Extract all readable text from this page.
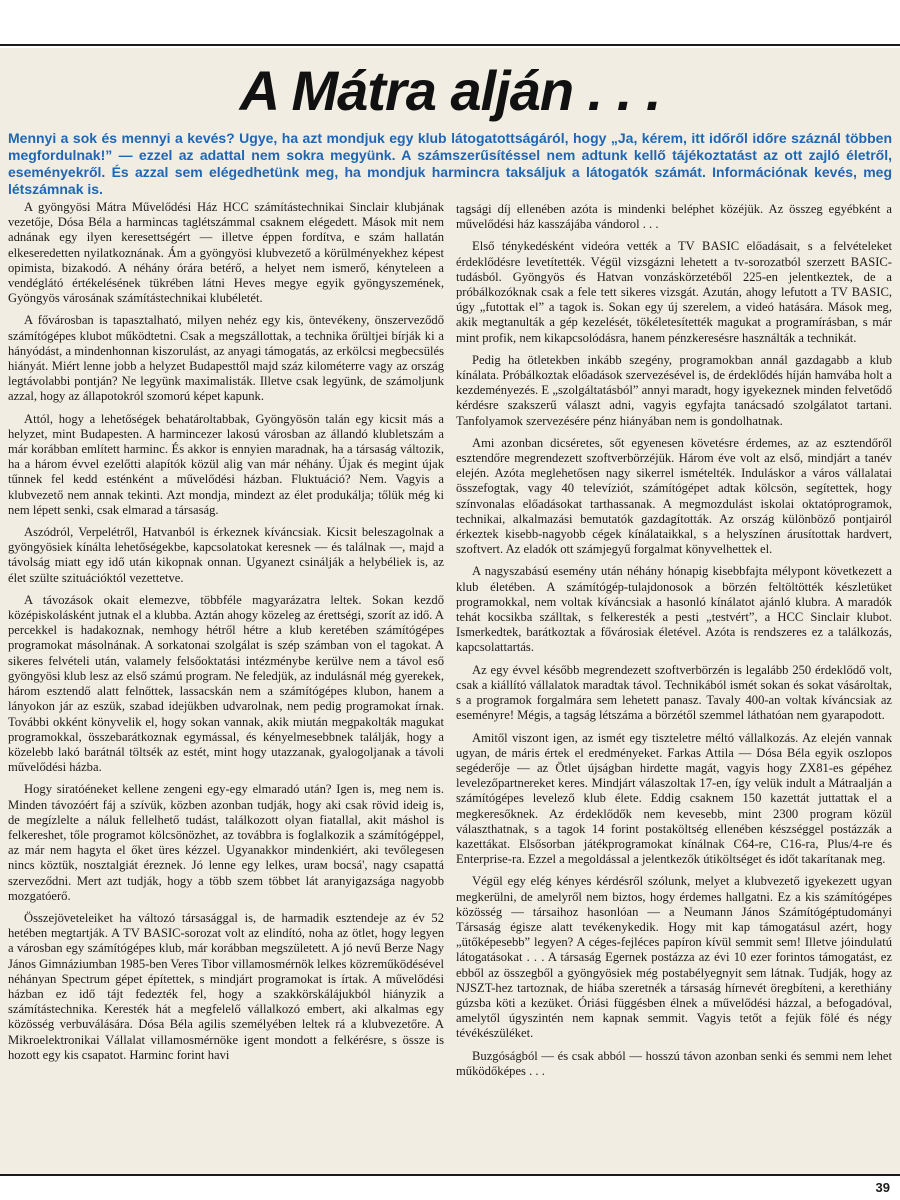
A Mátra alján . . .

Mennyi a sok és mennyi a kevés? Ugye, ha azt mondjuk egy klub látogatottságáról, hogy „Ja, kérem, itt időről időre száznál többen megfordulnak!” — ezzel az adattal nem sokra megyünk. A számszerűsítéssel nem adtunk kellő tájékoztatást az ott zajló életről, eseményekről. És azzal sem elégedhetünk meg, ha mondjuk harmincra taksáljuk a látogatók számát. Információnak kevés, meg létszámnak is.

A gyöngyösi Mátra Művelődési Ház HCC számítástechnikai Sinclair klubjának vezetője, Dósa Béla a harmincas taglétszámmal csaknem elégedett. Mások mit nem adnának egy ilyen keresettségért — illetve éppen fordítva, e szám hallatán elkeseredetten nyilatkoznának. Ám a gyöngyösi klubvezető a körülményekhez képest opimista, bizakodó. A néhány órára betérő, a helyet nem ismerő, kényteleen a vendéglátó értékelésének tükrében látni Heves megye egyik gyöngyszemének, Gyöngyös városának számítástechnikai klubéletét.

A fővárosban is tapasztalható, milyen nehéz egy kis, öntevékeny, önszerveződő számítógépes klubot működtetni. Csak a megszállottak, a technika őrültjei bírják ki a hányódást, a mindenhonnan kiszorulást, az anyagi támogatás, az erkölcsi megbecsülés hiányát. Miért lenne jobb a helyzet Budapesttől majd száz kilométerre vagy az ország legtávolabbi pontján? Ne legyünk maximalisták. Illetve csak legyünk, de számoljunk azzal, hogy az állapotokról szomorú képet kapunk.

Attól, hogy a lehetőségek behatároltabbak, Gyöngyösön talán egy kicsit más a helyzet, mint Budapesten. A harmincezer lakosú városban az állandó klubletszám a már korábban említett harminc. És akkor is ennyien maradnak, ha a társaság változik, ha a három évvel ezelőtti alapítók közül alig van már néhány. Újak és megint újak tűnnek fel kedd esténként a művelődési házban. Fluktuáció? Nem. Vagyis a klubvezető nem annak tekinti. Azt mondja, mindezt az élet produkálja; tőlük még ki nem lépett senki, csak elmarad a társaság.

Aszódról, Verpelétről, Hatvanból is érkeznek kíváncsiak. Kicsit beleszagolnak a gyöngyösiek kínálta lehetőségekbe, kapcsolatokat keresnek — és találnak —, majd a távolság miatt egy idő után kikopnak onnan. Ugyanezt csinálják a helybéliek is, az élet szülte szituációktól vezettetve.

A távozások okait elemezve, többféle magyarázatra leltek. Sokan kezdő középiskolásként jutnak el a klubba. Aztán ahogy közeleg az érettségi, szorít az idő. A percekkel is hadakoznak, nemhogy hétről hétre a klub keretében számítógépes programokat másolnának. A sorkatonai szolgálat is szép számban von el tagokat. A sikeres felvételi után, valamely felsőoktatási intézménybe kerülve nem a távol eső gyöngyösi klub lesz az első számú program. Ne feledjük, az indulásnál még gyerekek, három esztendő alatt felnőttek, lassacskán nem a számítógépes klubon, hanem a lányokon jár az eszük, szabad idejükben udvarolnak, nem pedig programokat írnak. További okként könyvelik el, hogy sokan vannak, akik miután megpakolták magukat programokkal, összebarátkoznak egymással, és kényelmesebbnek találják, hogy a közelebb lakó barátnál töltsék az estét, mint hogy utazzanak, gyalogoljanak a távoli művelődési házba.

Hogy siratóéneket kellene zengeni egy-egy elmaradó után? Igen is, meg nem is. Minden távozóért fáj a szívük, közben azonban tudják, hogy aki csak rövid ideig is, de megízlelte a náluk fellelhető tudást, találkozott olyan fiatallal, akit máshol is felkereshet, tőle programot kölcsönözhet, az továbbra is foglalkozik a számítógéppel, az már nem hagyta el őket üres kézzel. Ugyanakkor mindenkiért, aki tevőlegesen nincs köztük, nosztalgiát éreznek. Jó lenne egy lelkes, urам bocsá', nagy csapattá szerveződni. Mert azt tudják, hogy a több szem többet lát aranyigazsága nagyobb mozgatóerő.

Összejöveteleiket ha változó társasággal is, de harmadik esztendeje az év 52 hetében megtartják. A TV BASIC-sorozat volt az elindító, noha az ötlet, hogy legyen a városban egy számítógépes klub, már korábban megszületett. A jó nevű Berze Nagy János Gimnáziumban 1985-ben Veres Tibor villamosmérnök lelkes közreműködésével néhányan Spectrum gépet építettek, s mindjárt programokat is írtak. A művelődési házban ez idő tájt fedezték fel, hogy a szakkörskálájukból hiányzik a számítástechnika. Keresték hát a megfelelő vállalkozó embert, aki alkalmas egy közösség verbuválására. Dósa Béla agilis személyében leltek rá a klubvezetőre. A Mikroelektronikai Vállalat villamosmérnöke igent mondott a felkérésre, s össze is hozott egy kis csapatot. Harminc forint havi

tagsági díj ellenében azóta is mindenki beléphet közéjük. Az összeg egyébként a művelődési ház kasszájába vándorol . . .

Első ténykedésként videóra vették a TV BASIC előadásait, s a felvételeket érdeklődésre levetítették. Végül vizsgázni lehetett a tv-sorozatból szerzett BASIC-tudásból. Gyöngyös és Hatvan vonzáskörzetéből 225-en jelentkeztek, de a próbálkozóknak csak a fele tett sikeres vizsgát. Azután, ahogy lefutott a TV BASIC, úgy „futottak el” a tagok is. Sokan egy új szerelem, a videó hatására. Mások meg, akik megtanulták a gép kezelését, tökéletesítették magukat a programírásban, s már mint profik, nem kikapcsolódásra, hanem pénzkeresésre használták a technikát.

Pedig ha ötletekben inkább szegény, programokban annál gazdagabb a klub kínálata. Próbálkoztak előadások szervezésével is, de érdeklődés híján hamvába holt a kezdeményezés. E „szolgáltatásból” annyi maradt, hogy igyekeznek minden felvetődő kérdésre szakszerű választ adni, vagyis egyfajta tanácsadó szolgálatot tartani. Tanfolyamok szervezésére pénz hiányában nem is gondolhatnak.

Ami azonban dicséretes, sőt egyenesen követésre érdemes, az az esztendőről esztendőre megrendezett szoftverbörzéjük. Három éve volt az első, mindjárt a tanév elején. Azóta meglehetősen nagy sikerrel ismételték. Induláskor a város vállalatai összefogtak, vagy 40 televíziót, számítógépet adtak kölcsön, segítettek, hogy színvonalas előadásokat tarthassanak. A megmozdulást iskolai oktatóprogramok, technikai, alkalmazási bemutatók gazdagították. Az ország különböző pontjairól érkeztek kisebb-nagyobb cégek kínálataikkal, s a helyszínen árusítottak hardvert, szoftvert. Az eladók ott számjegyű forgalmat könyvelhettek el.

A nagyszabású esemény után néhány hónapig kisebbfajta mélypont következett a klub életében. A számítógép-tulajdonosok a börzén feltöltötték készletüket programokkal, nem voltak kíváncsiak a hasonló kínálatot ajánló klubra. A maradók tehát kocsikba szálltak, s felkeresték a pesti „testvért”, a HCC Sinclair klubot. Ismerkedtek, barátkoztak a fővárosiak életével. Azóta is rendszeres ez a találkozás, kapcsolattartás.

Az egy évvel később megrendezett szoftverbörzén is legalább 250 érdeklődő volt, csak a kiállító vállalatok maradtak távol. Technikából ismét sokan és sokat vásároltak, s a programok forgalmára sem lehetett panasz. Tavaly 400-an voltak kíváncsiak az eseményre! Mégis, a tagság létszáma a börzétől szemmel láthatóan nem gyarapodott.

Amitől viszont igen, az ismét egy tiszteletre méltó vállalkozás. Az elején vannak ugyan, de máris értek el eredményeket. Farkas Attila — Dósa Béla egyik oszlopos segéderője — az Ötlet újságban hirdette magát, vagyis hogy ZX81-es gépéhez levelezőpartnereket keres. Mindjárt válaszoltak 17-en, így velük indult a Mátraalján a számítógépes levelező klub élete. Eddig csaknem 150 kazettát juttattak el a megkeresőknek. Az érdeklődők nem kevesebb, mint 2300 program közül választhatnak, s a tagok 14 forint postaköltség ellenében készséggel postázzák a kazettákat. Elsősorban játékprogramokat kínálnak C64-re, C16-ra, Plus/4-re és Enterprise-ra. Ezzel a megoldással a jelentkezők útiköltséget és időt takarítanak meg.

Végül egy elég kényes kérdésről szólunk, melyet a klubvezető igyekezett ugyan megkerülni, de amelyről nem biztos, hogy érdemes hallgatni. Ez a kis számítógépes közösség — társaihoz hasonlóan — a Neumann János Számítógéptudományi Társaság égisze alatt tevékenykedik. Hogy mit kap támogatásul azért, hogy „ütőképesebb” legyen? A céges-fejléces papíron kívül semmit sem! Illetve jóindulatú látogatásokat . . . A társaság Egernek postázza az évi 10 ezer forintos támogatást, ez ebből az összegből a gyöngyösiek még postabélyegnyit sem látnak. Tudják, hogy az NJSZT-hez tartoznak, de hiába szeretnék a társaság hírnevét öregbíteni, a kerethiány gúzsba köti a kezüket. Óriási függésben élnek a művelődési házzal, a befogadóval, amelytől úgyszintén nem kapnak semmit. Vagyis tetőt a fejük fölé és négy tévékészüléket.

Buzgóságból — és csak abból — hosszú távon azonban senki és semmi nem lehet működőképes . . .

39
